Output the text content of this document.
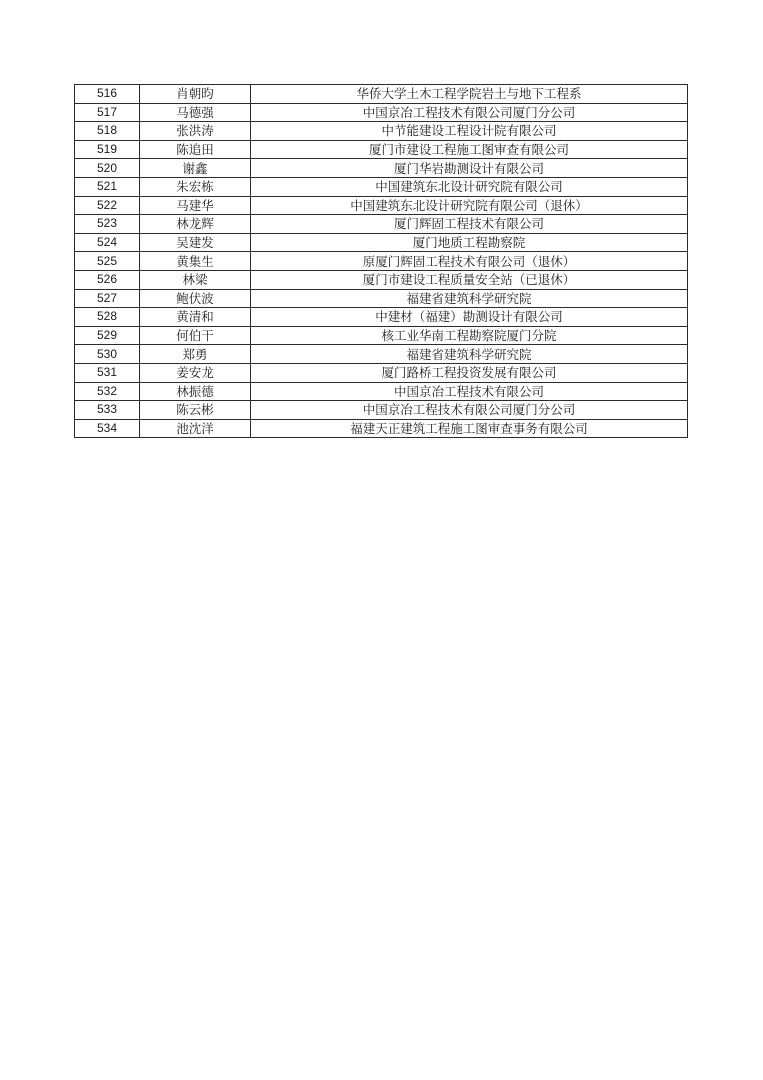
516	肖朝昀	华侨大学土木工程学院岩土与地下工程系
517	马德强	中国京冶工程技术有限公司厦门分公司
518	张洪涛	中节能建设工程设计院有限公司
519	陈追田	厦门市建设工程施工图审查有限公司
520	谢鑫	厦门华岩勘测设计有限公司
521	朱宏栋	中国建筑东北设计研究院有限公司
522	马建华	中国建筑东北设计研究院有限公司（退休）
523	林龙辉	厦门辉固工程技术有限公司
524	吴建发	厦门地质工程勘察院
525	黄集生	原厦门辉固工程技术有限公司（退休）
526	林梁	厦门市建设工程质量安全站（已退休）
527	鲍伏波	福建省建筑科学研究院
528	黄清和	中建材（福建）勘测设计有限公司
529	何伯干	核工业华南工程勘察院厦门分院
530	郑勇	福建省建筑科学研究院
531	姜安龙	厦门路桥工程投资发展有限公司
532	林振德	中国京冶工程技术有限公司
533	陈云彬	中国京冶工程技术有限公司厦门分公司
534	池沈洋	福建天正建筑工程施工图审查事务有限公司
